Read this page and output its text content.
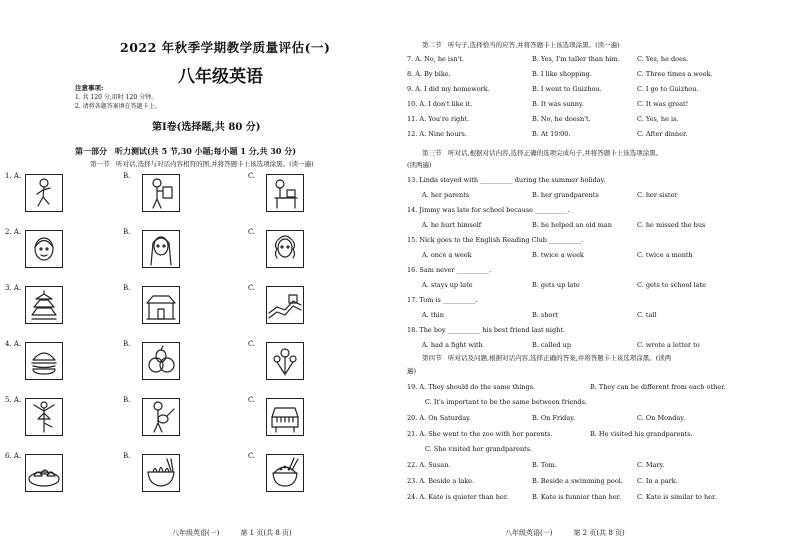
2022 年秋季学期教学质量评估(一)
八年级英语
注意事项:
1. 共 120 分,用时 120 分钟。
2. 请将各题答案填在答题卡上。
第Ⅰ卷(选择题,共 80 分)
第一部分　听力测试(共 5 节,30 小题;每小题 1 分,共 30 分)
第一节　听对话,选择与对话内容相符的图,并将答题卡上该选项涂黑。(读一遍)
1. A.	B.	C.
2. A.	B.	C.
3. A.	B.	C.
4. A.	B.	C.
5. A.	B.	C.
6. A.	B.	C.
八年级英语(一)　　　第 1 页(共 8 页)
第二节　听句子,选择恰当的应答,并将答题卡上该选项涂黑。(读一遍)
7. A. No, he isn't.	B. Yes, I'm taller than him.	C. Yes, he does.
8. A. By bike.	B. I like shopping.	C. Three times a week.
9. A. I did my homework.	B. I went to Guizhou.	C. I go to Guizhou.
10. A. I don't like it.	B. It was sunny.	C. It was great!
11. A. You're right.	B. No, he doesn't.	C. Yes, he is.
12. A. Nine hours.	B. At 10∶00.	C. After dinner.
第三节　听对话,根据对话内容,选择正确的选项完成句子,并将答题卡上该选项涂黑。
(读两遍)
13. Linda stayed with __________ during the summer holiday.
A. her parents	B. her grandparents	C. her sister
14. Jimmy was late for school because __________.
A. he hurt himself	B. he helped an old man	C. he missed the bus
15. Nick goes to the English Reading Club __________.
A. once a week	B. twice a week	C. twice a month
16. Sam never __________.
A. stays up late	B. gets up late	C. gets to school late
17. Tom is __________.
A. thin	B. short	C. tall
18. The boy __________ his best friend last night.
A. had a fight with	B. called up	C. wrote a letter to
第四节　听对话及问题,根据对话内容,选择正确的答案,并将答题卡上该选项涂黑。(读两
遍)
19. A. They should do the same things.	B. They can be different from each other.
C. It's important to be the same between friends.
20. A. On Saturday.	B. On Friday.	C. On Monday.
21. A. She went to the zoo with her parents.	B. He visited his grandparents.
C. She visited her grandparents.
22. A. Susan.	B. Tom.	C. Mary.
23. A. Beside a lake.	B. Beside a swimming pool. C. In a park.
24. A. Kate is quieter than her.	B. Kate is funnier than her. C. Kate is similar to her.
八年级英语(一)　　　第 2 页(共 8 页)
